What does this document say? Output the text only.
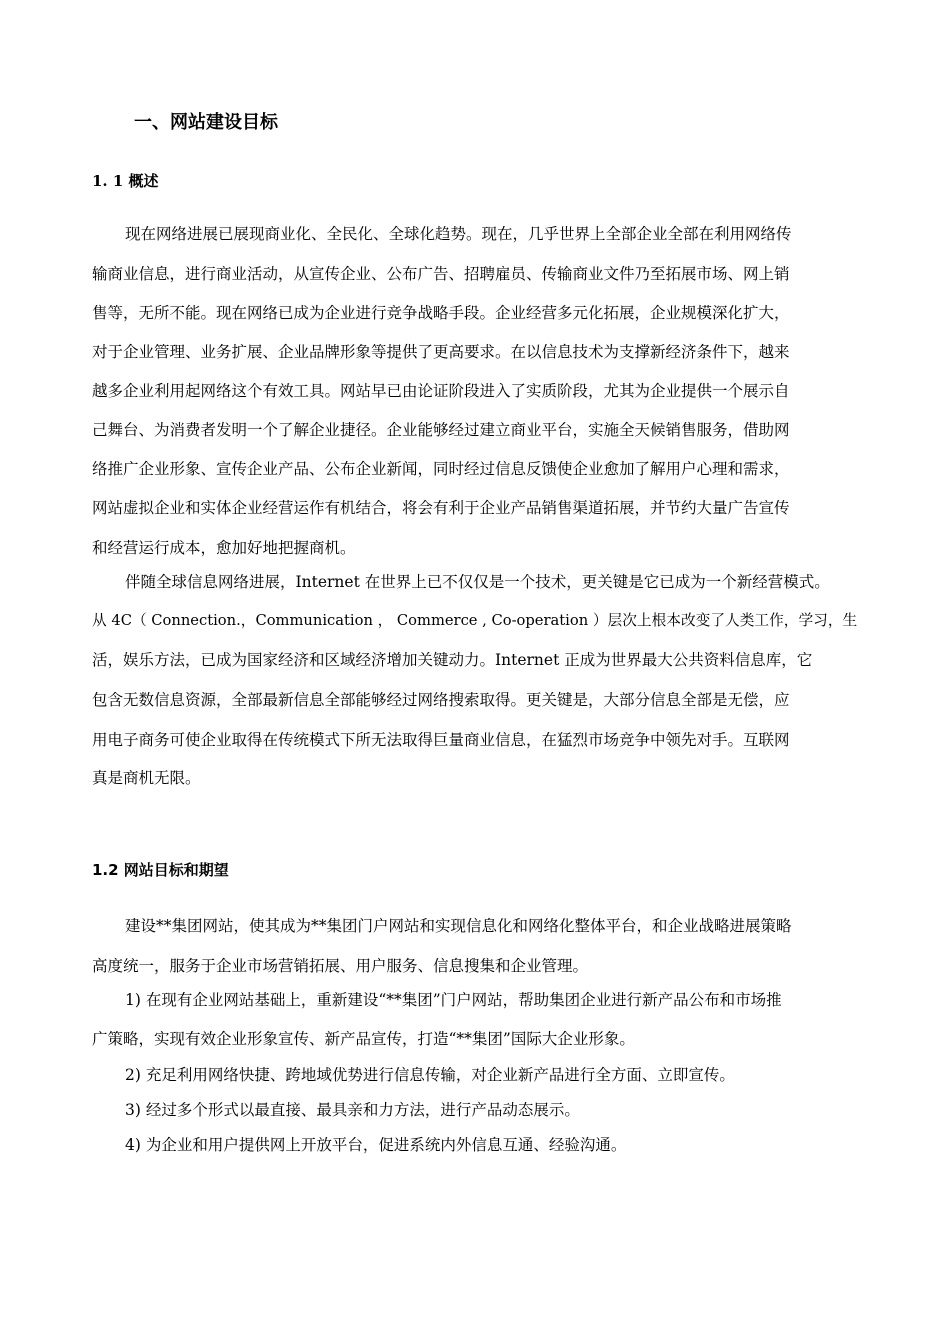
一、网站建设目标
1. 1 概述
现在网络进展已展现商业化、全民化、全球化趋势。现在，几乎世界上全部企业全部在利用网络传
输商业信息，进行商业活动，从宣传企业、公布广告、招聘雇员、传输商业文件乃至拓展市场、网上销
售等，无所不能。现在网络已成为企业进行竞争战略手段。企业经营多元化拓展，企业规模深化扩大，
对于企业管理、业务扩展、企业品牌形象等提供了更高要求。在以信息技术为支撑新经济条件下，越来
越多企业利用起网络这个有效工具。网站早已由论证阶段进入了实质阶段，尤其为企业提供一个展示自
己舞台、为消费者发明一个了解企业捷径。企业能够经过建立商业平台，实施全天候销售服务，借助网
络推广企业形象、宣传企业产品、公布企业新闻，同时经过信息反馈使企业愈加了解用户心理和需求，
网站虚拟企业和实体企业经营运作有机结合，将会有利于企业产品销售渠道拓展，并节约大量广告宣传
和经营运行成本，愈加好地把握商机。
伴随全球信息网络进展，Internet 在世界上已不仅仅是一个技术，更关键是它已成为一个新经营模式。
从 4C（ Connection.，Communication ， Commerce , Co-operation ）层次上根本改变了人类工作，学习，生
活，娱乐方法，已成为国家经济和区域经济增加关键动力。Internet 正成为世界最大公共资料信息库，它
包含无数信息资源，全部最新信息全部能够经过网络搜索取得。更关键是，大部分信息全部是无偿，应
用电子商务可使企业取得在传统模式下所无法取得巨量商业信息，在猛烈市场竞争中领先对手。互联网
真是商机无限。
1.2 网站目标和期望
建设**集团网站，使其成为**集团门户网站和实现信息化和网络化整体平台，和企业战略进展策略
高度统一，服务于企业市场营销拓展、用户服务、信息搜集和企业管理。
1) 在现有企业网站基础上，重新建设“**集团”门户网站，帮助集团企业进行新产品公布和市场推
广策略，实现有效企业形象宣传、新产品宣传，打造“**集团”国际大企业形象。
2) 充足利用网络快捷、跨地域优势进行信息传输，对企业新产品进行全方面、立即宣传。
3) 经过多个形式以最直接、最具亲和力方法，进行产品动态展示。
4) 为企业和用户提供网上开放平台，促进系统内外信息互通、经验沟通。
